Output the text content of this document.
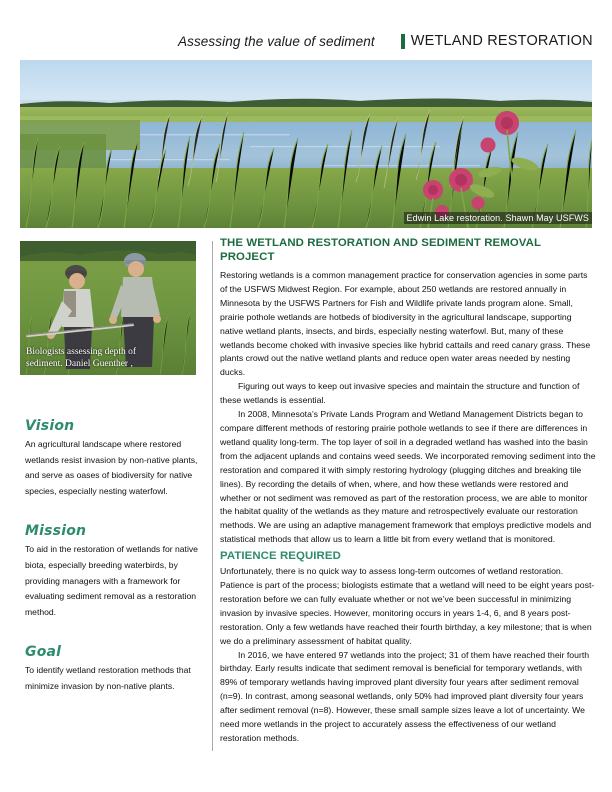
Assessing the value of sediment WETLAND RESTORATION
Edwin Lake restoration. Shawn May USFWS
Biologists assessing depth of
sediment. Daniel Guenther ,
Vision

An agricultural landscape where restored wetlands resist invasion by non-native plants, and serve as oases of biodiversity for native species, especially nesting waterfowl.

Mission

To aid in the restoration of wetlands for native biota, especially breeding waterbirds, by providing managers with a framework for evaluating sediment removal as a restoration method.

Goal

To identify wetland restoration methods that minimize invasion by non-native plants.

THE WETLAND RESTORATION AND SEDIMENT REMOVAL PROJECT

Restoring wetlands is a common management practice for conservation agencies in some parts of the USFWS Midwest Region. For example, about 250 wetlands are restored annually in Minnesota by the USFWS Partners for Fish and Wildlife private lands program alone. Small, prairie pothole wetlands are hotbeds of biodiversity in the agricultural landscape, supporting native wetland plants, insects, and birds, especially nesting waterfowl. But, many of these wetlands become choked with invasive species like hybrid cattails and reed canary grass. These plants crowd out the native wetland plants and reduce open water areas needed by nesting ducks.

Figuring out ways to keep out invasive species and maintain the structure and function of these wetlands is essential.

In 2008, Minnesota’s Private Lands Program and Wetland Management Districts began to compare different methods of restoring prairie pothole wetlands to see if there are differences in wetland quality long-term. The top layer of soil in a degraded wetland has washed into the basin from the adjacent uplands and contains weed seeds. We incorporated removing sediment into the restoration and compared it with simply restoring hydrology (plugging ditches and breaking tile lines). By recording the details of when, where, and how these wetlands were restored and whether or not sediment was removed as part of the restoration process, we are able to monitor the habitat quality of the wetlands as they mature and retrospectively evaluate our restoration methods. We are using an adaptive management framework that employs predictive models and statistical methods that allow us to learn a little bit from every wetland that is monitored.

PATIENCE REQUIRED

Unfortunately, there is no quick way to assess long-term outcomes of wetland restoration. Patience is part of the process; biologists estimate that a wetland will need to be eight years post-restoration before we can fully evaluate whether or not we’ve been successful in minimizing invasion by invasive species. However, monitoring occurs in years 1-4, 6, and 8 years post-restoration. Only a few wetlands have reached their fourth birthday, a key milestone; that is when we do a preliminary assessment of habitat quality.

In 2016, we have entered 97 wetlands into the project; 31 of them have reached their fourth birthday. Early results indicate that sediment removal is beneficial for temporary wetlands, with 89% of temporary wetlands having improved plant diversity four years after sediment removal (n=9). In contrast, among seasonal wetlands, only 50% had improved plant diversity four years after sediment removal (n=8). However, these small sample sizes leave a lot of uncertainty. We need more wetlands in the project to accurately assess the effectiveness of our wetland restoration methods.
